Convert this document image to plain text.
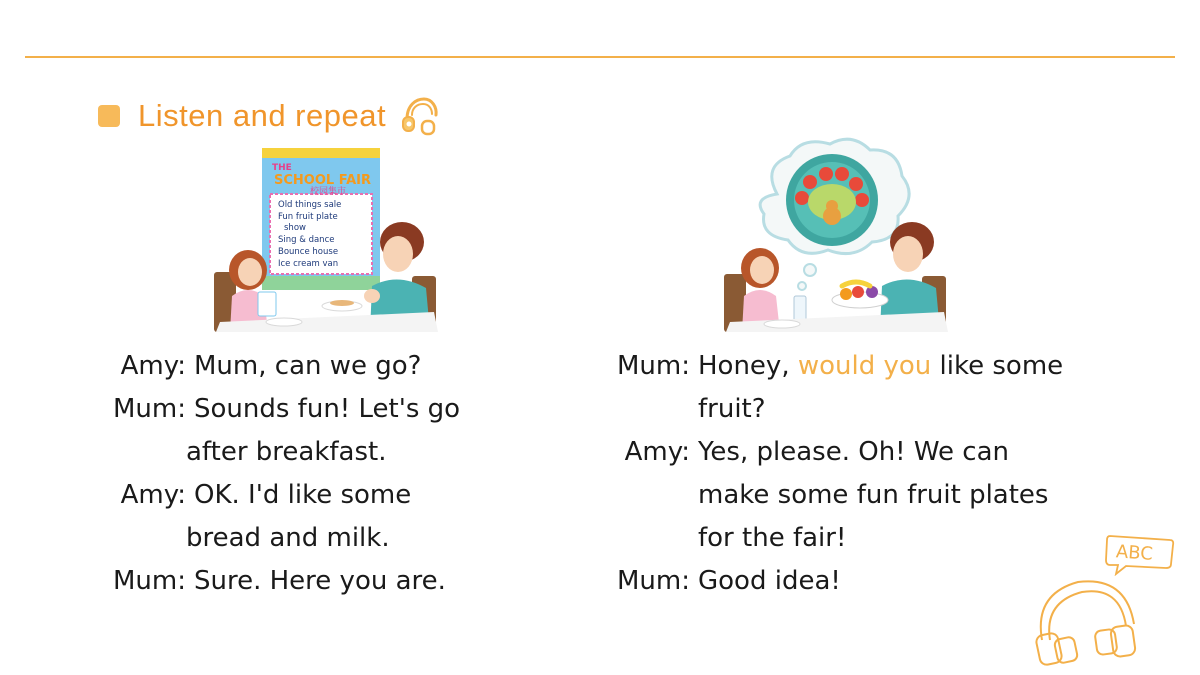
Listen and repeat
THE
SCHOOL FAIR
校园集市
Old things sale
Fun fruit plate
show
Sing & dance
Bounce house
Ice cream van
Amy: Mum, can we go?
Mum: Sounds fun! Let's go
after breakfast.
Amy: OK. I'd like some
bread and milk.
Mum: Sure. Here you are.
Mum: Honey, would you like some
fruit?
Amy: Yes, please. Oh! We can
make some fun fruit plates
for the fair!
Mum: Good idea!
ABC
